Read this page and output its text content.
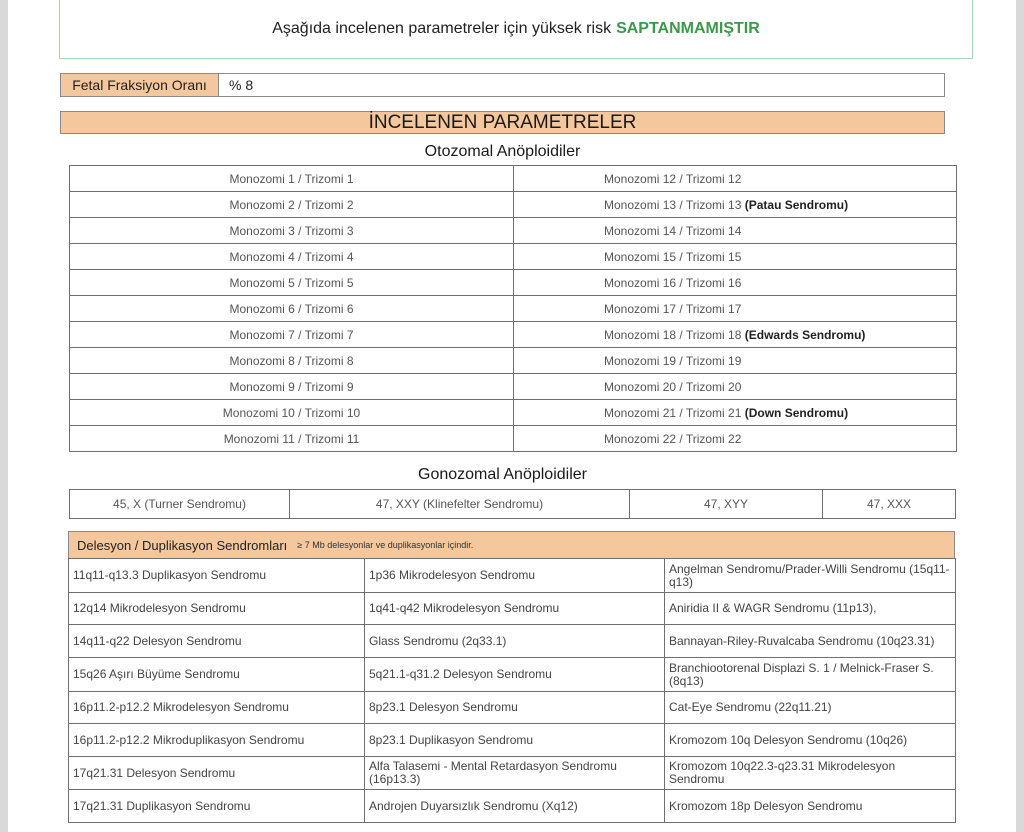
Aşağıda incelenen parametreler için yüksek risk SAPTANMAMIŞTIR
Fetal Fraksiyon Oranı	% 8
İNCELENEN PARAMETRELER
Otozomal Anöploidiler
Monozomi 1 / Trizomi 1	Monozomi 12 / Trizomi 12
Monozomi 2 / Trizomi 2	Monozomi 13 / Trizomi 13 (Patau Sendromu)
Monozomi 3 / Trizomi 3	Monozomi 14 / Trizomi 14
Monozomi 4 / Trizomi 4	Monozomi 15 / Trizomi 15
Monozomi 5 / Trizomi 5	Monozomi 16 / Trizomi 16
Monozomi 6 / Trizomi 6	Monozomi 17 / Trizomi 17
Monozomi 7 / Trizomi 7	Monozomi 18 / Trizomi 18 (Edwards Sendromu)
Monozomi 8 / Trizomi 8	Monozomi 19 / Trizomi 19
Monozomi 9 / Trizomi 9	Monozomi 20 / Trizomi 20
Monozomi 10 / Trizomi 10	Monozomi 21 / Trizomi 21 (Down Sendromu)
Monozomi 11 / Trizomi 11	Monozomi 22 / Trizomi 22
Gonozomal Anöploidiler
45, X (Turner Sendromu)	47, XXY (Klinefelter Sendromu)	47, XYY	47, XXX
Delesyon / Duplikasyon Sendromları ≥ 7 Mb delesyonlar ve duplikasyonlar içindir.
11q11-q13.3 Duplikasyon Sendromu	1p36 Mikrodelesyon Sendromu	Angelman Sendromu/Prader-Willi Sendromu (15q11-q13)
12q14 Mikrodelesyon Sendromu	1q41-q42 Mikrodelesyon Sendromu	Aniridia II & WAGR Sendromu (11p13),
14q11-q22 Delesyon Sendromu	Glass Sendromu (2q33.1)	Bannayan-Riley-Ruvalcaba Sendromu (10q23.31)
15q26 Aşırı Büyüme Sendromu	5q21.1-q31.2 Delesyon Sendromu	Branchiootorenal Displazi S. 1 / Melnick-Fraser S. (8q13)
16p11.2-p12.2 Mikrodelesyon Sendromu	8p23.1 Delesyon Sendromu	Cat-Eye Sendromu (22q11.21)
16p11.2-p12.2 Mikroduplikasyon Sendromu	8p23.1 Duplikasyon Sendromu	Kromozom 10q Delesyon Sendromu (10q26)
17q21.31 Delesyon Sendromu	Alfa Talasemi - Mental Retardasyon Sendromu (16p13.3)	Kromozom 10q22.3-q23.31 Mikrodelesyon Sendromu
17q21.31 Duplikasyon Sendromu	Androjen Duyarsızlık Sendromu (Xq12)	Kromozom 18p Delesyon Sendromu
